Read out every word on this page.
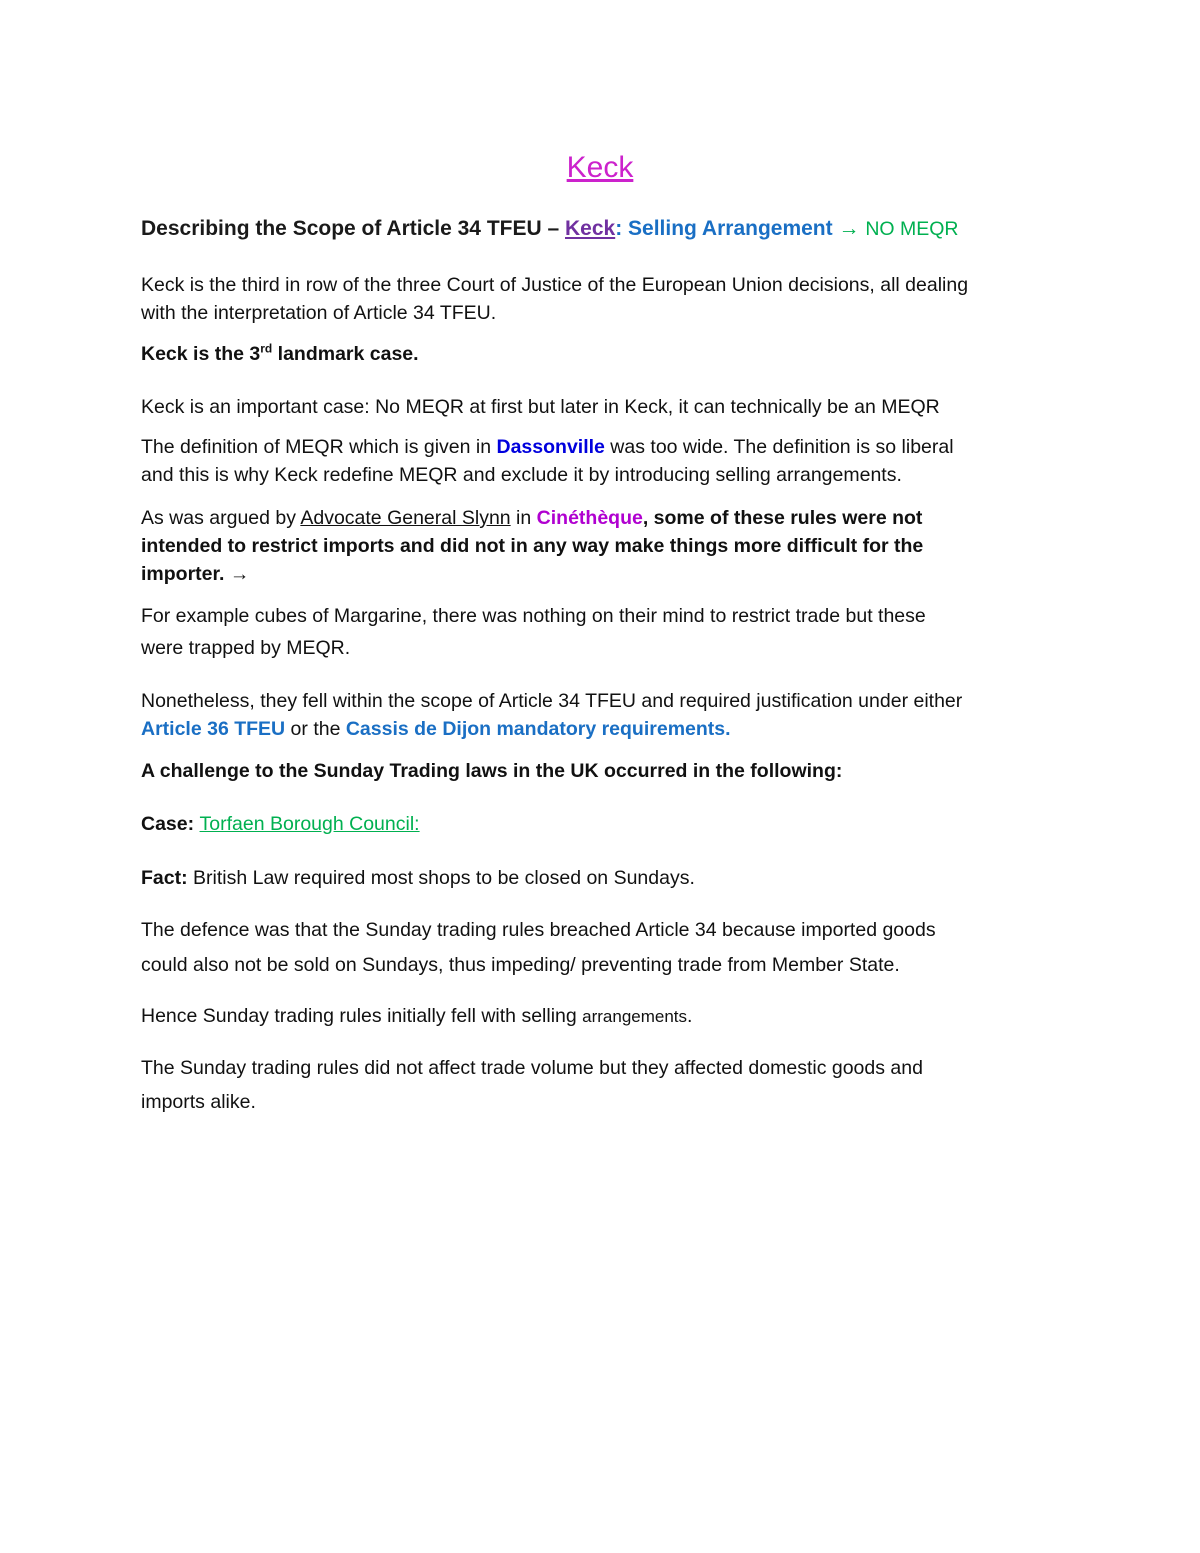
Keck
Describing the Scope of Article 34 TFEU – Keck: Selling Arrangement → NO MEQR
Keck is the third in row of the three Court of Justice of the European Union decisions, all dealing
with the interpretation of Article 34 TFEU.
Keck is the 3rd landmark case.
Keck is an important case: No MEQR at first but later in Keck, it can technically be an MEQR
The definition of MEQR which is given in Dassonville was too wide. The definition is so liberal
and this is why Keck redefine MEQR and exclude it by introducing selling arrangements.
As was argued by Advocate General Slynn in Cinéthèque, some of these rules were not
intended to restrict imports and did not in any way make things more difficult for the
importer. →
For example cubes of Margarine, there was nothing on their mind to restrict trade but these
were trapped by MEQR.
Nonetheless, they fell within the scope of Article 34 TFEU and required justification under either
Article 36 TFEU or the Cassis de Dijon mandatory requirements.
A challenge to the Sunday Trading laws in the UK occurred in the following:
Case: Torfaen Borough Council:
Fact: British Law required most shops to be closed on Sundays.
The defence was that the Sunday trading rules breached Article 34 because imported goods
could also not be sold on Sundays, thus impeding/ preventing trade from Member State.
Hence Sunday trading rules initially fell with selling arrangements.
The Sunday trading rules did not affect trade volume but they affected domestic goods and
imports alike.
